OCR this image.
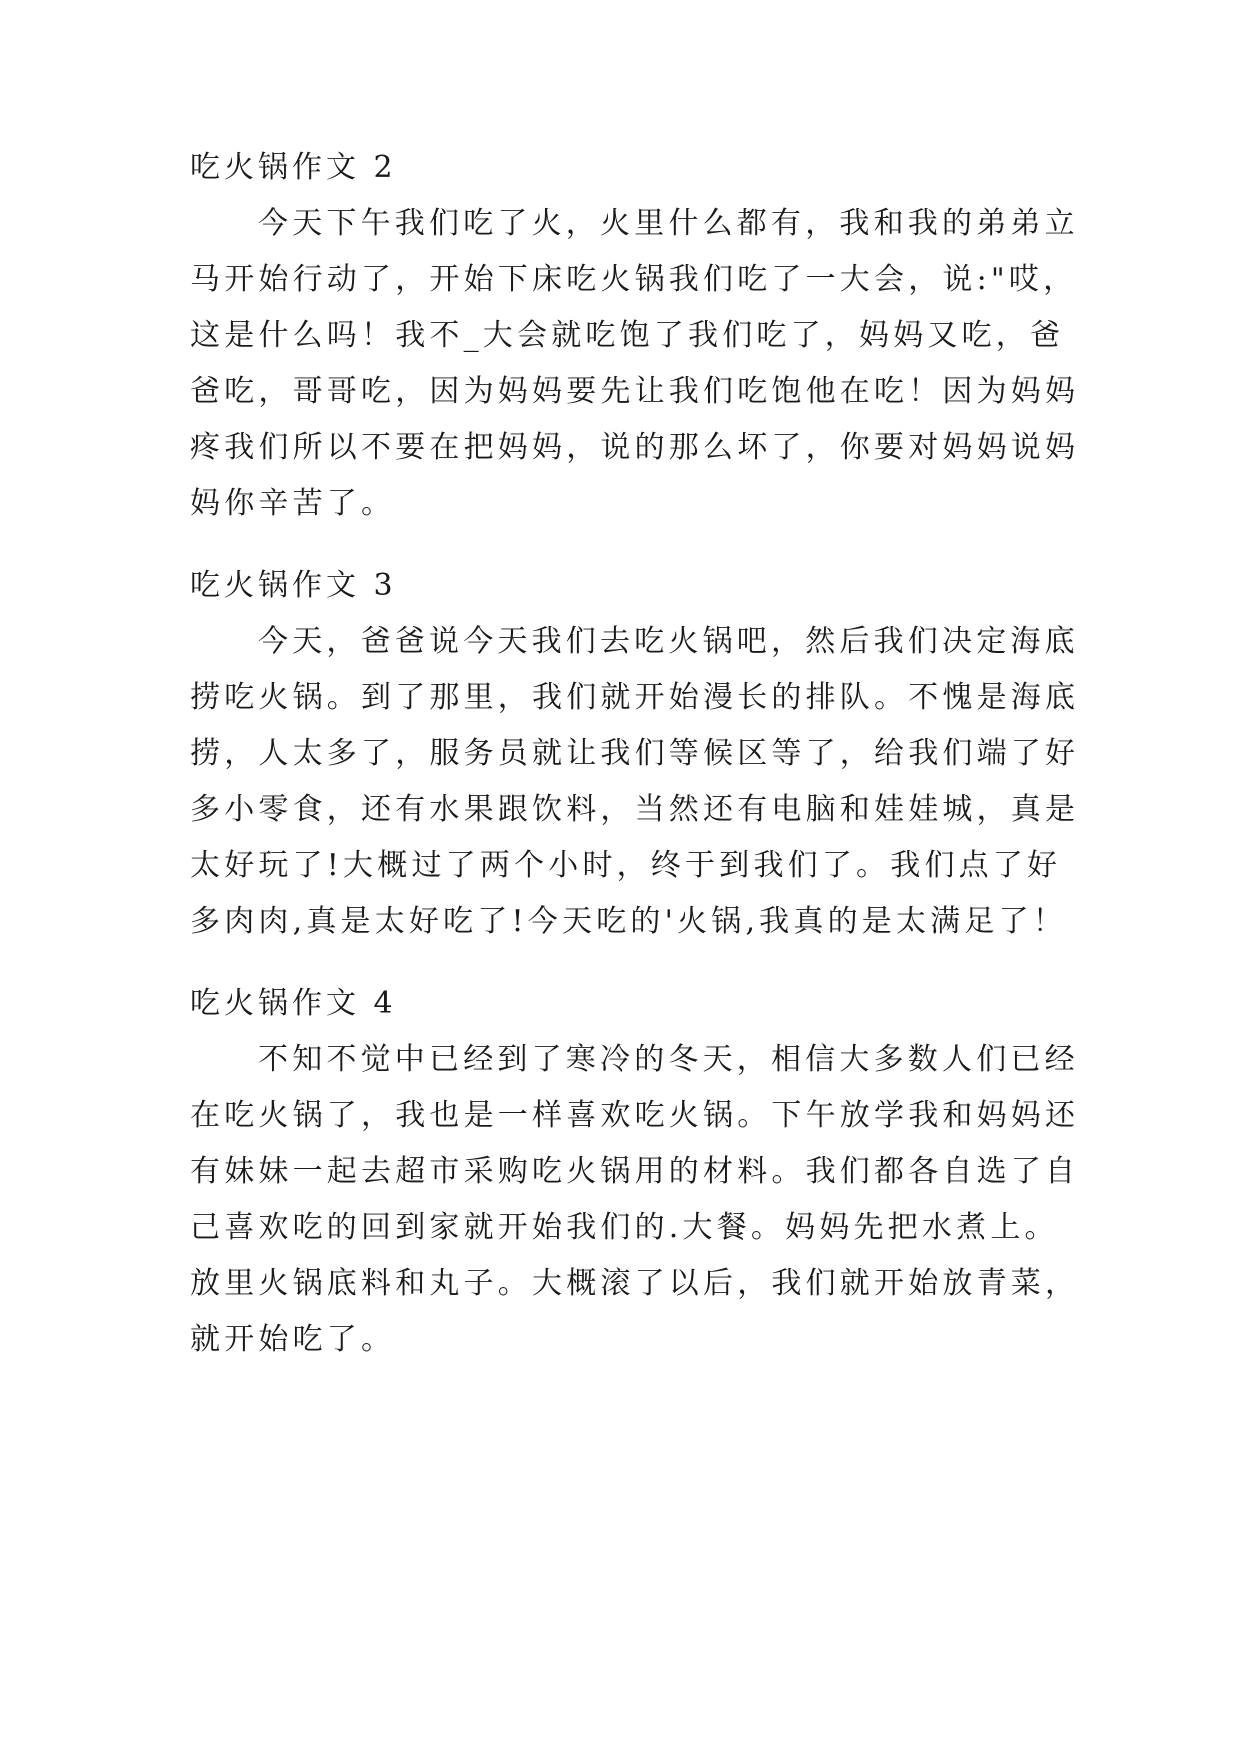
吃火锅作文 2
今天下午我们吃了火，火里什么都有，我和我的弟弟立
马开始行动了，开始下床吃火锅我们吃了一大会，说:"哎，
这是什么吗！我不_大会就吃饱了我们吃了，妈妈又吃，爸
爸吃，哥哥吃，因为妈妈要先让我们吃饱他在吃！因为妈妈
疼我们所以不要在把妈妈，说的那么坏了，你要对妈妈说妈
妈你辛苦了。
吃火锅作文 3
今天，爸爸说今天我们去吃火锅吧，然后我们决定海底
捞吃火锅。到了那里，我们就开始漫长的排队。不愧是海底
捞，人太多了，服务员就让我们等候区等了，给我们端了好
多小零食，还有水果跟饮料，当然还有电脑和娃娃城，真是
太好玩了!大概过了两个小时，终于到我们了。我们点了好
多肉肉,真是太好吃了!今天吃的'火锅,我真的是太满足了！
吃火锅作文 4
不知不觉中已经到了寒冷的冬天，相信大多数人们已经
在吃火锅了，我也是一样喜欢吃火锅。下午放学我和妈妈还
有妹妹一起去超市采购吃火锅用的材料。我们都各自选了自
己喜欢吃的回到家就开始我们的.大餐。妈妈先把水煮上。
放里火锅底料和丸子。大概滚了以后，我们就开始放青菜，
就开始吃了。
